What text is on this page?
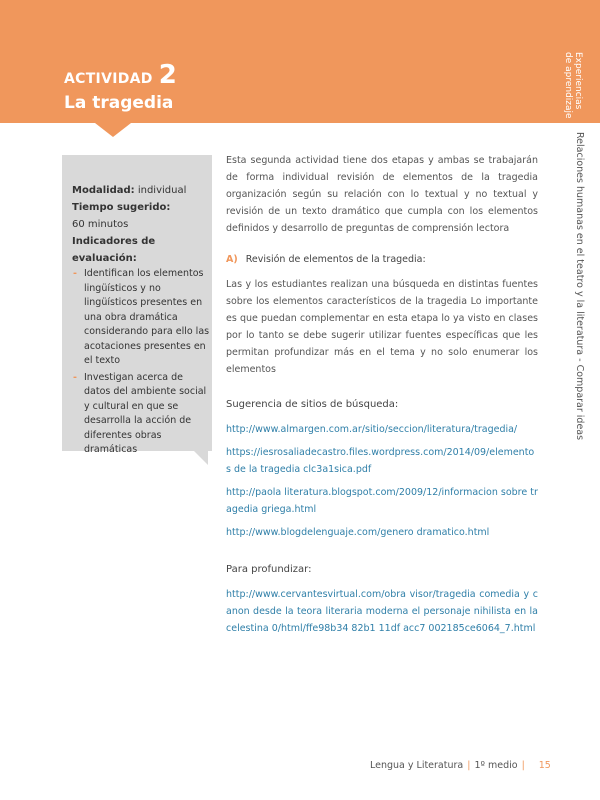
ACTIVIDAD 2
La tragedia	Experiencias
de aprendizaje
Relaciones humanas en el teatro y la literatura - Comparar ideas
Modalidad: individual
Tiempo sugerido:
60 minutos
Indicadores de evaluación:
- Identifican los elementos lingüísticos y no lingüísticos presentes en una obra dramática considerando para ello las acotaciones presentes en el texto
- Investigan acerca de datos del ambiente social y cultural en que se desarrolla la acción de diferentes obras dramáticas

Esta segunda actividad tiene dos etapas y ambas se trabajarán de forma individual revisión de elementos de la tragedia organización según su relación con lo textual y no textual y revisión de un texto dramático que cumpla con los elementos definidos y desarrollo de preguntas de comprensión lectora

A) Revisión de elementos de la tragedia:

Las y los estudiantes realizan una búsqueda en distintas fuentes sobre los elementos característicos de la tragedia Lo importante es que puedan complementar en esta etapa lo ya visto en clases por lo tanto se debe sugerir utilizar fuentes específicas que les permitan profundizar más en el tema y no solo enumerar los elementos

Sugerencia de sitios de búsqueda:
http://www.almargen.com.ar/sitio/seccion/literatura/tragedia/
https://iesrosaliadecastro.files.wordpress.com/2014/09/elementos de la tragedia clc3a1sica.pdf
http://paola literatura.blogspot.com/2009/12/informacion sobre tragedia griega.html
http://www.blogdelenguaje.com/genero dramatico.html
Para profundizar:
http://www.cervantesvirtual.com/obra visor/tragedia comedia y canon desde la teora literaria moderna el personaje nihilista en la celestina 0/html/ffe98b34 82b1 11df acc7 002185ce6064_7.html
Lengua y Literatura | 1º medio | 15
